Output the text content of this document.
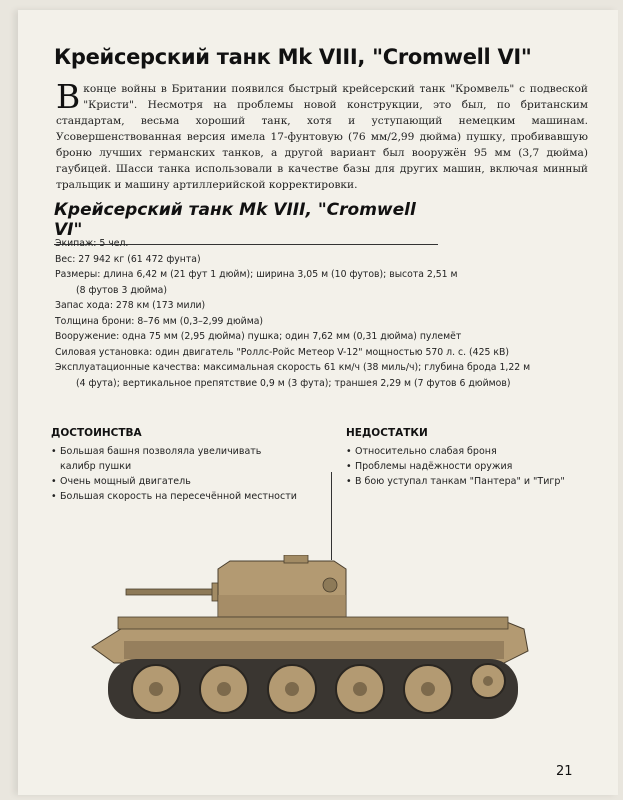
Крейсерский танк Mk VIII, "Cromwell VI"
В конце войны в Британии появился быстрый крейсерский танк "Кромвель" с подвеской "Кристи". Несмотря на проблемы новой конструкции, это был, по британским стандартам, весьма хороший танк, хотя и уступающий немецким машинам. Усовершенствованная версия имела 17-фунтовую (76 мм/2,99 дюйма) пушку, пробивавшую броню лучших германских танков, а другой вариант был вооружён 95 мм (3,7 дюйма) гаубицей. Шасси танка использовали в качестве базы для других машин, включая минный тральщик и машину артиллерийской корректировки.
Крейсерский танк Mk VIII, "Cromwell VI"
Экипаж: 5 чел.
Вес: 27 942 кг (61 472 фунта)
Размеры: длина 6,42 м (21 фут 1 дюйм); ширина 3,05 м (10 футов); высота 2,51 м
(8 футов 3 дюйма)
Запас хода: 278 км (173 мили)
Толщина брони: 8–76 мм (0,3–2,99 дюйма)
Вооружение: одна 75 мм (2,95 дюйма) пушка; один 7,62 мм (0,31 дюйма) пулемёт
Силовая установка: один двигатель "Роллс-Ройс Метеор V-12" мощностью 570 л. с. (425 кВ)
Эксплуатационные качества: максимальная скорость 61 км/ч (38 миль/ч); глубина брода 1,22 м
(4 фута); вертикальное препятствие 0,9 м (3 фута); траншея 2,29 м (7 футов 6 дюймов)
ДОСТОИНСТВА
• Большая башня позволяла увеличивать
калибр пушки
• Очень мощный двигатель
• Большая скорость на пересечённой местности
НЕДОСТАТКИ
• Относительно слабая броня
• Проблемы надёжности оружия
• В бою уступал танкам "Пантера" и "Тигр"
21
